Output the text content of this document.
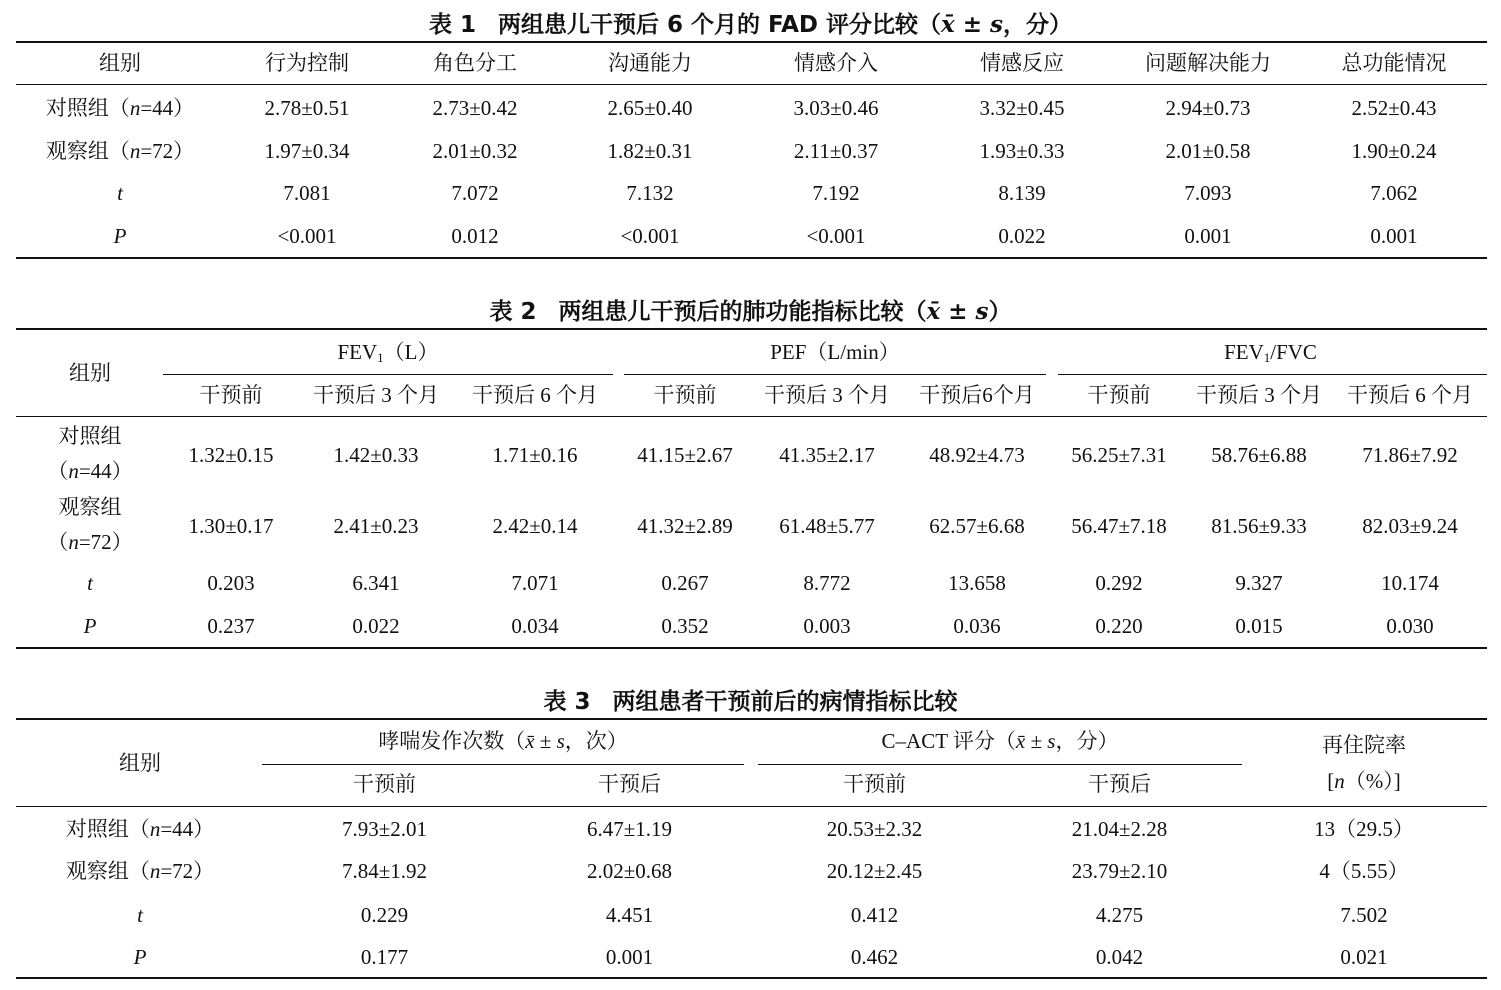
表 1 两组患儿干预后 6 个月的 FAD 评分比较（x̄ ± s，分）
组别	行为控制	角色分工	沟通能力	情感介入	情感反应	问题解决能力	总功能情况
对照组（n=44）	2.78±0.51	2.73±0.42	2.65±0.40	3.03±0.46	3.32±0.45	2.94±0.73	2.52±0.43
观察组（n=72）	1.97±0.34	2.01±0.32	1.82±0.31	2.11±0.37	1.93±0.33	2.01±0.58	1.90±0.24
t	7.081	7.072	7.132	7.192	8.139	7.093	7.062
P	<0.001	0.012	<0.001	<0.001	0.022	0.001	0.001
表 2 两组患儿干预后的肺功能指标比较（x̄ ± s）
组别
$FEV_1(L)$	PEF（L/min）	$FEV_1$/FVC
干预前	干预后 3 个月	干预后 6 个月	干预前	干预后 3 个月	干预后6个月	干预前	干预后 3 个月	干预后 6 个月
对照组
（n=44）
1.32±0.15	1.42±0.33	1.71±0.16	41.15±2.67	41.35±2.17	48.92±4.73	56.25±7.31	58.76±6.88	71.86±7.92
观察组
（n=72）
1.30±0.17	2.41±0.23	2.42±0.14	41.32±2.89	61.48±5.77	62.57±6.68	56.47±7.18	81.56±9.33	82.03±9.24
t	0.203	6.341	7.071	0.267	8.772	13.658	0.292	9.327	10.174
P	0.237	0.022	0.034	0.352	0.003	0.036	0.220	0.015	0.030
表 3 两组患者干预前后的病情指标比较
组别
哮喘发作次数（x̄ ± s，次）	C–ACT 评分（x̄ ± s，分）	再住院率
[n（%）]
干预前	干预后	干预前	干预后
对照组（n=44）	7.93±2.01	6.47±1.19	20.53±2.32	21.04±2.28	13（29.5）
观察组（n=72）	7.84±1.92	2.02±0.68	20.12±2.45	23.79±2.10	4（5.55）
t	0.229	4.451	0.412	4.275	7.502
P	0.177	0.001	0.462	0.042	0.021
